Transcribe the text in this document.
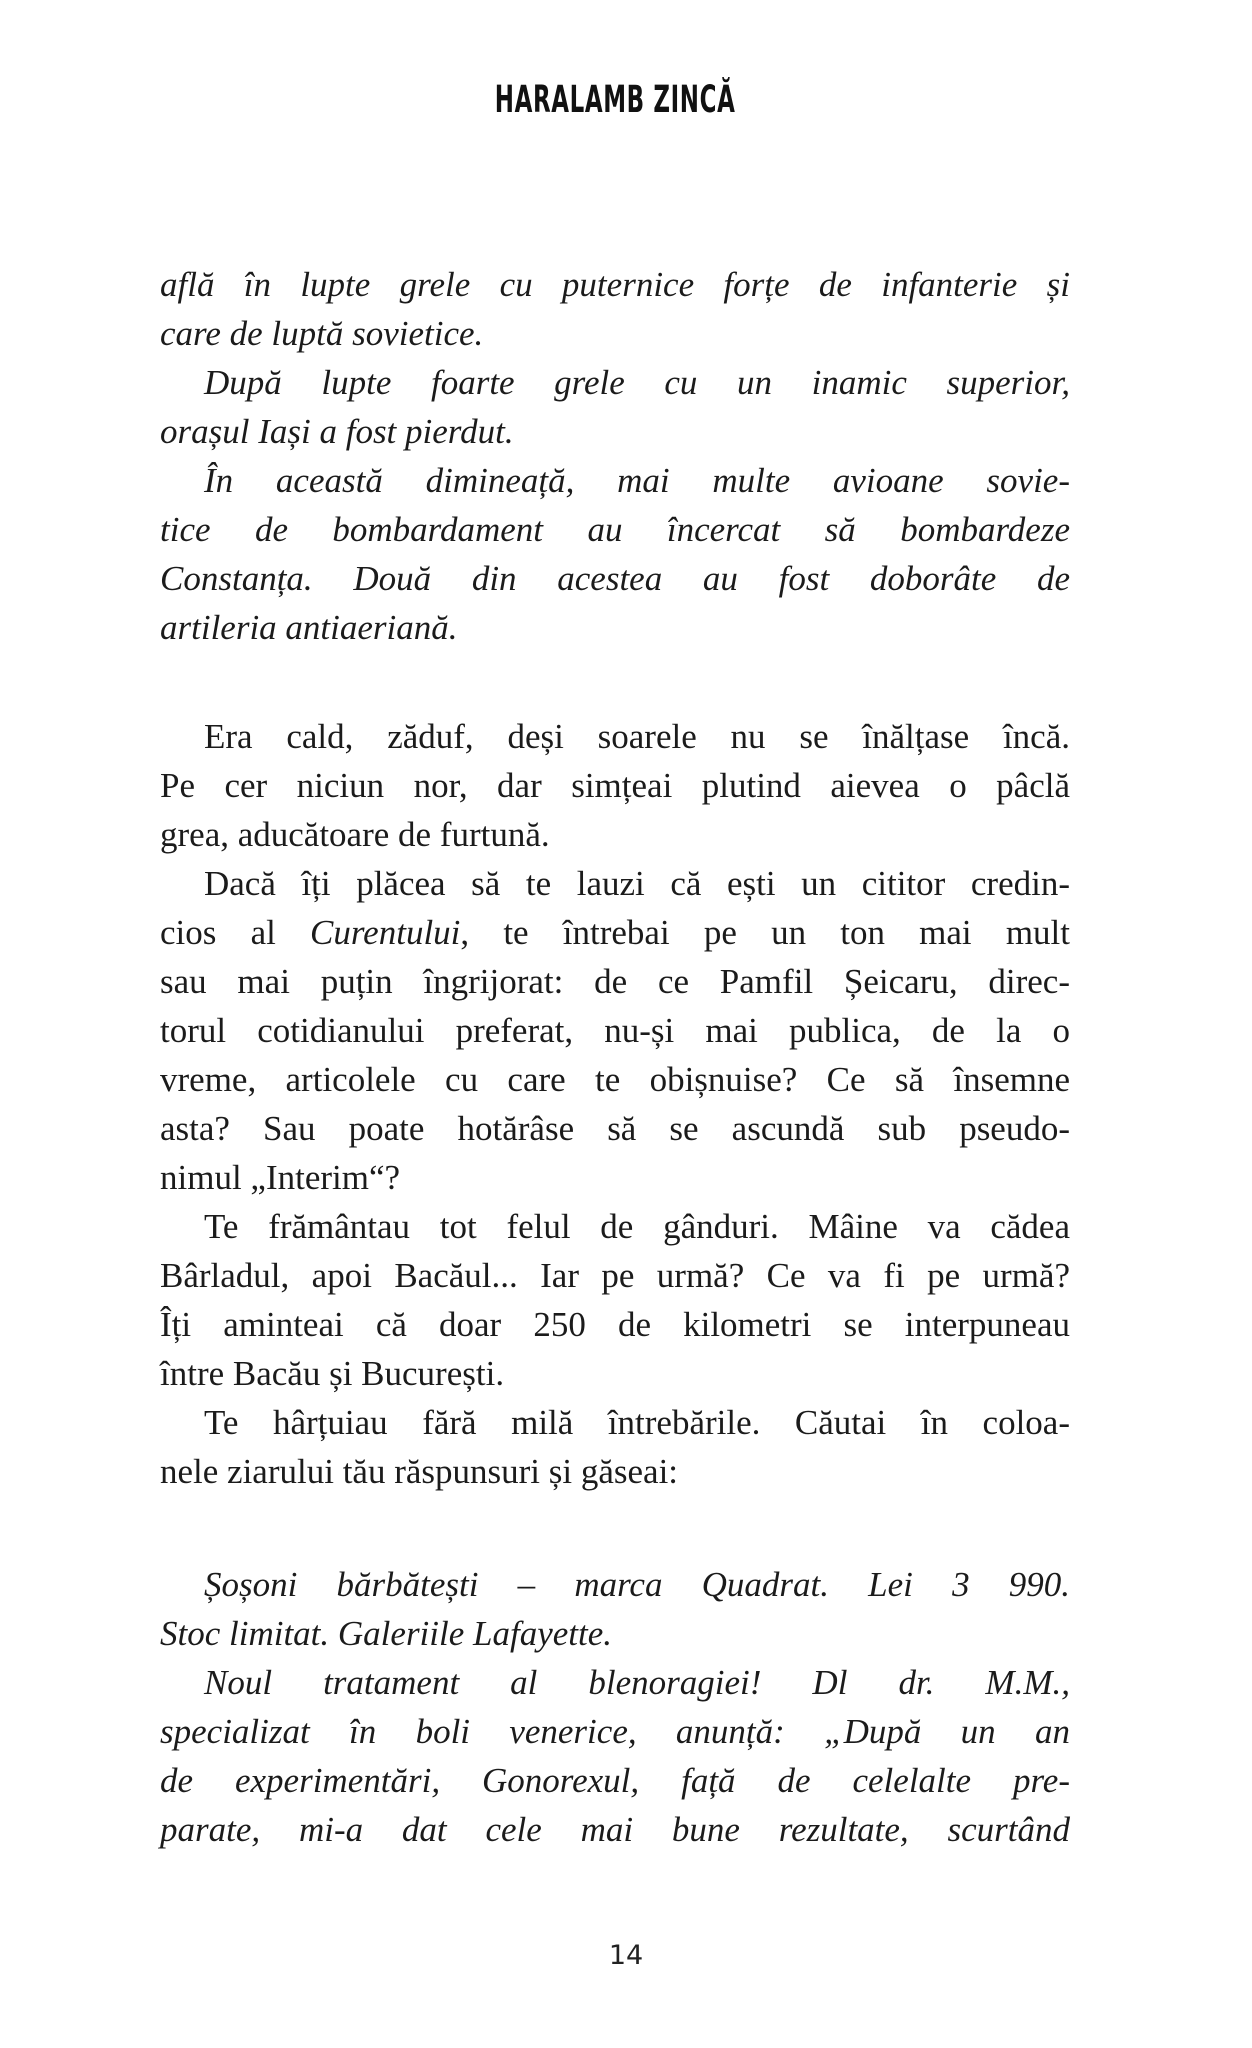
HARALAMB ZINCĂ
află în lupte grele cu puternice forțe de infanterie și
care de luptă sovietice.
După lupte foarte grele cu un inamic superior,
orașul Iași a fost pierdut.
În această dimineață, mai multe avioane sovie-
tice de bombardament au încercat să bombardeze
Constanța. Două din acestea au fost doborâte de
artileria antiaeriană.
Era cald, zăduf, deși soarele nu se înălțase încă.
Pe cer niciun nor, dar simțeai plutind aievea o pâclă
grea, aducătoare de furtună.
Dacă îți plăcea să te lauzi că ești un cititor credin-
cios al Curentului, te întrebai pe un ton mai mult
sau mai puțin îngrijorat: de ce Pamfil Șeicaru, direc-
torul cotidianului preferat, nu-și mai publica, de la o
vreme, articolele cu care te obișnuise? Ce să însemne
asta? Sau poate hotărâse să se ascundă sub pseudo-
nimul „Interim“?
Te frământau tot felul de gânduri. Mâine va cădea
Bârladul, apoi Bacăul... Iar pe urmă? Ce va fi pe urmă?
Îți aminteai că doar 250 de kilometri se interpuneau
între Bacău și București.
Te hârțuiau fără milă întrebările. Căutai în coloa-
nele ziarului tău răspunsuri și găseai:
Șoșoni bărbătești – marca Quadrat. Lei 3 990.
Stoc limitat. Galeriile Lafayette.
Noul tratament al blenoragiei! Dl dr. M.M.,
specializat în boli venerice, anunță: „După un an
de experimentări, Gonorexul, față de celelalte pre-
parate, mi-a dat cele mai bune rezultate, scurtând
14
